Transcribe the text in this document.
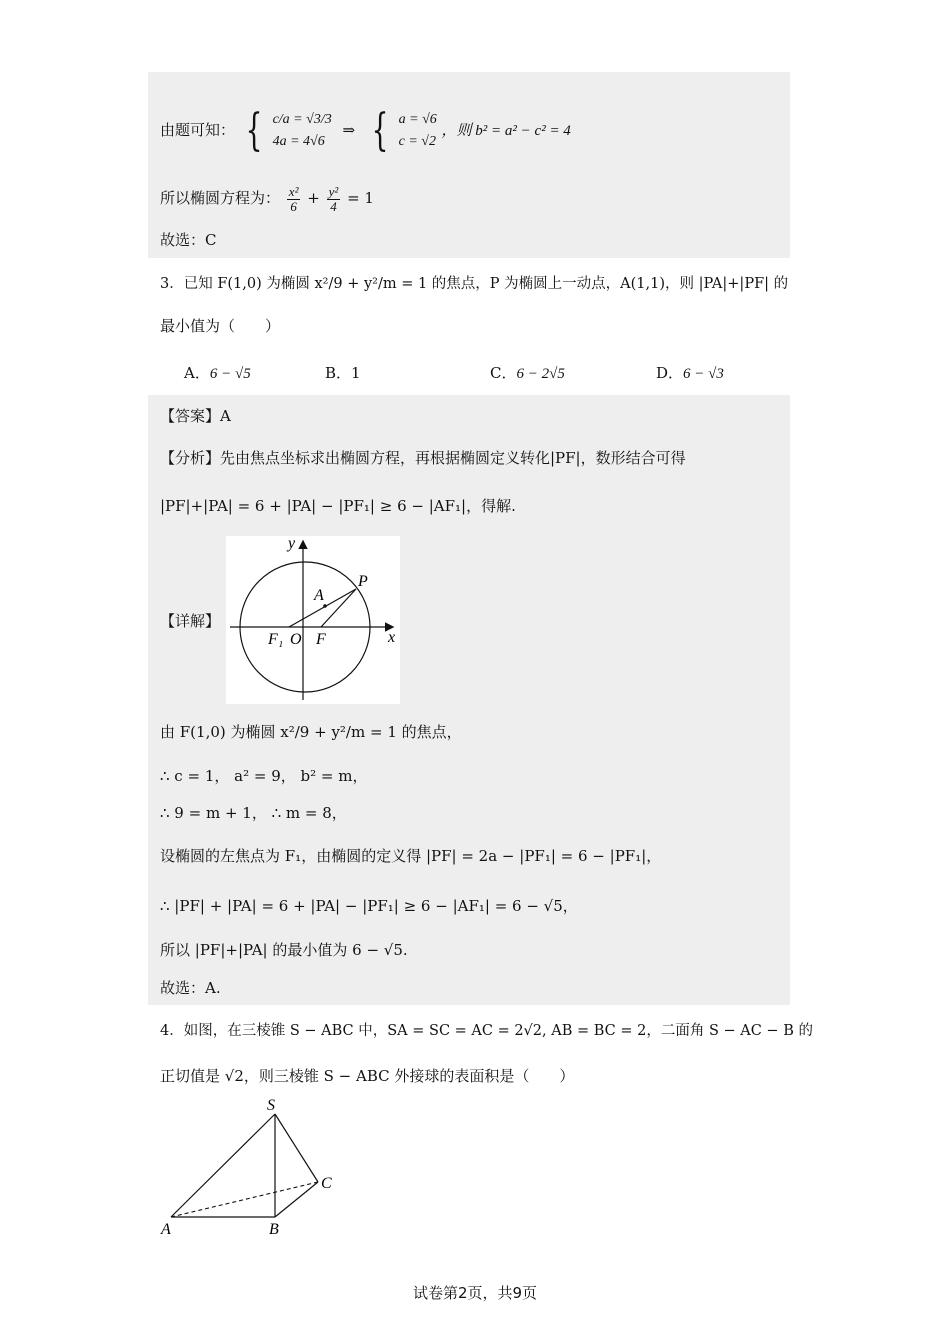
由题可知： { c/a = √3/3
4a = 4√6
⇒ { a = √6
c = √2
，则 b² = a² − c² = 4
所以椭圆方程为： $\frac{\text{x²}}{6} + \frac{\text{y²}}{4} = 1$
故选：C
3．已知 F(1,0) 为椭圆 x²/9 + y²/m = 1 的焦点，P 为椭圆上一动点，A(1,1)，则 |PA|+|PF| 的
最小值为（　　）
A．6 − √5	B．1	C．6 − 2√5	D．6 − √3
【答案】A
【分析】先由焦点坐标求出椭圆方程，再根据椭圆定义转化|PF|，数形结合可得
|PF|+|PA| = 6 + |PA| − |PF₁| ≥ 6 − |AF₁|，得解.
【详解】
y
x
P
A
F₁ O F
由 F(1,0) 为椭圆 x²/9 + y²/m = 1 的焦点，
∴ c = 1， a² = 9， b² = m，
∴ 9 = m + 1， ∴ m = 8，
设椭圆的左焦点为 F₁，由椭圆的定义得 |PF| = 2a − |PF₁| = 6 − |PF₁|，
∴ |PF| + |PA| = 6 + |PA| − |PF₁| ≥ 6 − |AF₁| = 6 − √5，
所以 |PF|+|PA| 的最小值为 6 − √5.
故选：A.
4．如图，在三棱锥 S − ABC 中，SA = SC = AC = 2√2, AB = BC = 2，二面角 S − AC − B 的
正切值是 √2，则三棱锥 S − ABC 外接球的表面积是（　　）
S
A	B
C
试卷第2页，共9页
